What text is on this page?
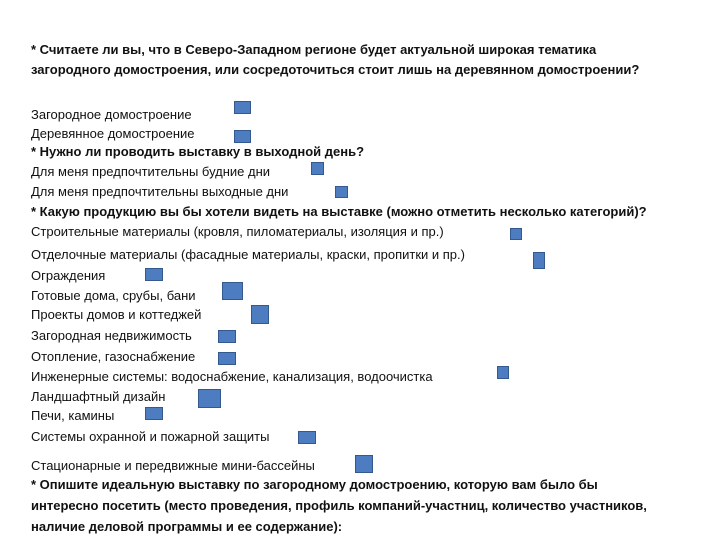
* Считаете ли вы, что в Северо-Западном регионе будет актуальной широкая тематика
загородного домостроения, или сосредоточиться стоит лишь на деревянном домостроении?
Загородное домостроение
Деревянное домостроение
* Нужно ли проводить выставку в выходной день?
Для меня предпочтительны будние дни
Для меня предпочтительны выходные дни
* Какую продукцию вы бы хотели видеть на выставке (можно отметить несколько категорий)?
Строительные материалы (кровля, пиломатериалы, изоляция и пр.)
Отделочные материалы (фасадные материалы, краски, пропитки и пр.)
Ограждения
Готовые дома, срубы, бани
Проекты домов и коттеджей
Загородная недвижимость
Отопление, газоснабжение
Инженерные системы: водоснабжение, канализация, водоочистка
Ландшафтный дизайн
Печи, камины
Системы охранной и пожарной защиты
Стационарные и передвижные мини-бассейны
* Опишите идеальную выставку по загородному домостроению, которую вам было бы
интересно посетить (место проведения, профиль компаний-участниц, количество участников,
наличие деловой программы и ее содержание):
